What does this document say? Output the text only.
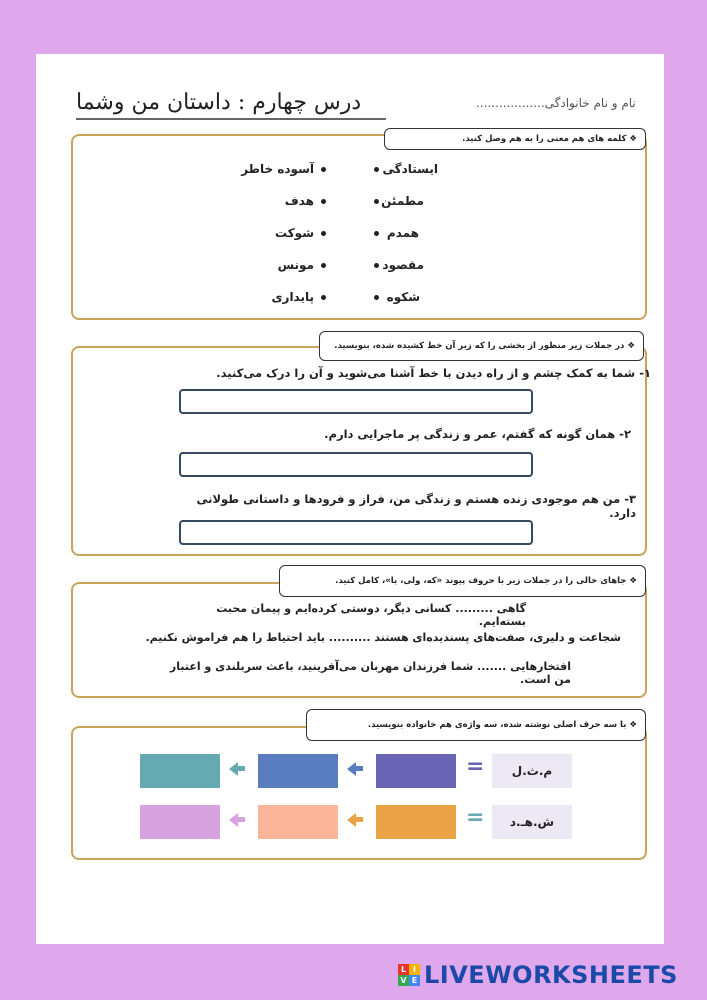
درس چهارم : داستان من وشما	نام و نام خانوادگی..................
❖ کلمه های هم معنی را به هم وصل کنید.
ایستادگی
مطمئن
همدم
مقصود
شکوه
آسوده خاطر
هدف
شوکت
مونس
پایداری
❖ در جملات زیر منظور از بخشی را که زیر آن خط کشیده شده، بنویسید.
۱- شما به کمک چشم و از راه دیدن با خط آشنا می‌شوید و آن را درک می‌کنید.
۲- همان گونه که گفتم، عمر و زندگی پر ماجرایی دارم.
۳- من هم موجودی زنده هستم و زندگی من، فراز و فرودها و داستانی طولانی دارد.
❖ جاهای خالی را در جملات زیر با حروف پیوند «که، ولی، با»، کامل کنید.
گاهی ......... کسانی دیگر، دوستی کرده‌ایم و پیمان محبت بسته‌ایم.
شجاعت و دلیری، صفت‌های پسندیده‌ای هستند .......... باید احتیاط را هم فراموش نکنیم.
افتخارهایی ....... شما فرزندان مهربان می‌آفرینید، باعث سربلندی و اعتبار من است.
❖ با سه حرف اصلی نوشته شده، سه واژه‌ی هم خانواده بنویسید.
=	م.ث.ل
=	ش.هـ.د
L I
V E LIVEWORKSHEETS
